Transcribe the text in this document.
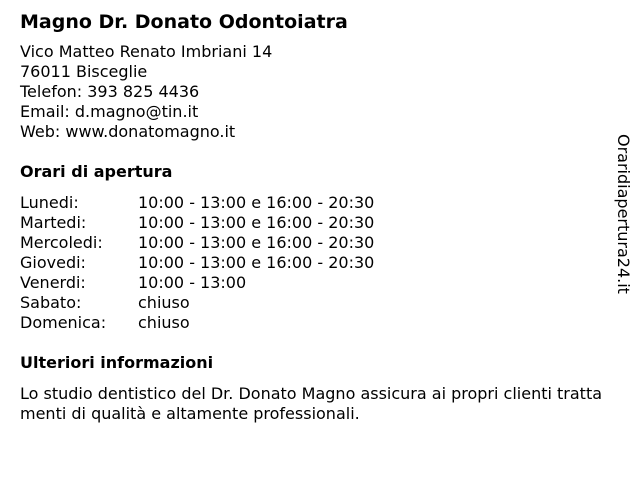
Magno Dr. Donato Odontoiatra
Vico Matteo Renato Imbriani 14
76011 Bisceglie
Telefon: 393 825 4436
Email: d.magno@tin.it
Web: www.donatomagno.it
Orari di apertura
Lunedi:	10:00 - 13:00 e 16:00 - 20:30
Martedi:	10:00 - 13:00 e 16:00 - 20:30
Mercoledi:	10:00 - 13:00 e 16:00 - 20:30
Giovedi:	10:00 - 13:00 e 16:00 - 20:30
Venerdi:	10:00 - 13:00
Sabato:	chiuso
Domenica:	chiuso
Ulteriori informazioni

Lo studio dentistico del Dr. Donato Magno assicura ai propri clienti trattamenti di qualità e altamente professionali.

Oraridiapertura24.it
